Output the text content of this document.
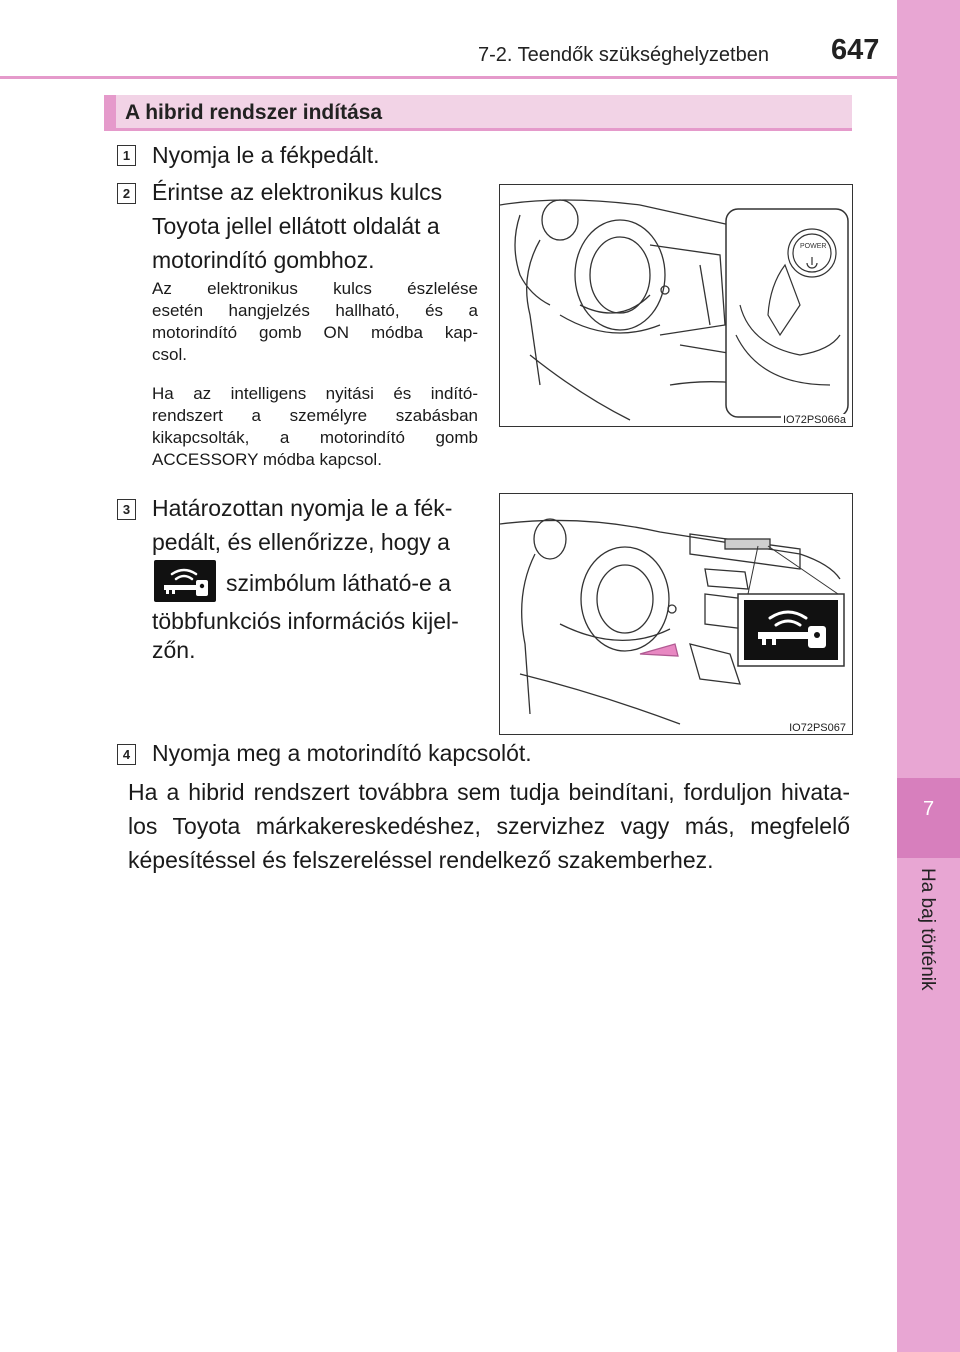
7-2. Teendők szükséghelyzetben 647
7
Ha baj történik
A hibrid rendszer indítása
1 Nyomja le a fékpedált.
2 Érintse az elektronikus kulcs
Toyota jellel ellátott oldalát a
motorindító gombhoz.
Az elektronikus kulcs észlelése
esetén hangjelzés hallható, és a
motorindító gomb ON módba kap-
csol.
Ha az intelligens nyitási és indító-
rendszert a személyre szabásban
kikapcsolták, a motorindító gomb
ACCESSORY módba kapcsol.
POWER
IO72PS066a
3 Határozottan nyomja le a fék-
pedált, és ellenőrizze, hogy a
szimbólum látható-e a
többfunkciós információs kijel-
zőn.
IO72PS067
4 Nyomja meg a motorindító kapcsolót.
Ha a hibrid rendszert továbbra sem tudja beindítani, forduljon hivata-los Toyota márkakereskedéshez, szervizhez vagy más, megfelelő képesítéssel és felszereléssel rendelkező szakemberhez.
